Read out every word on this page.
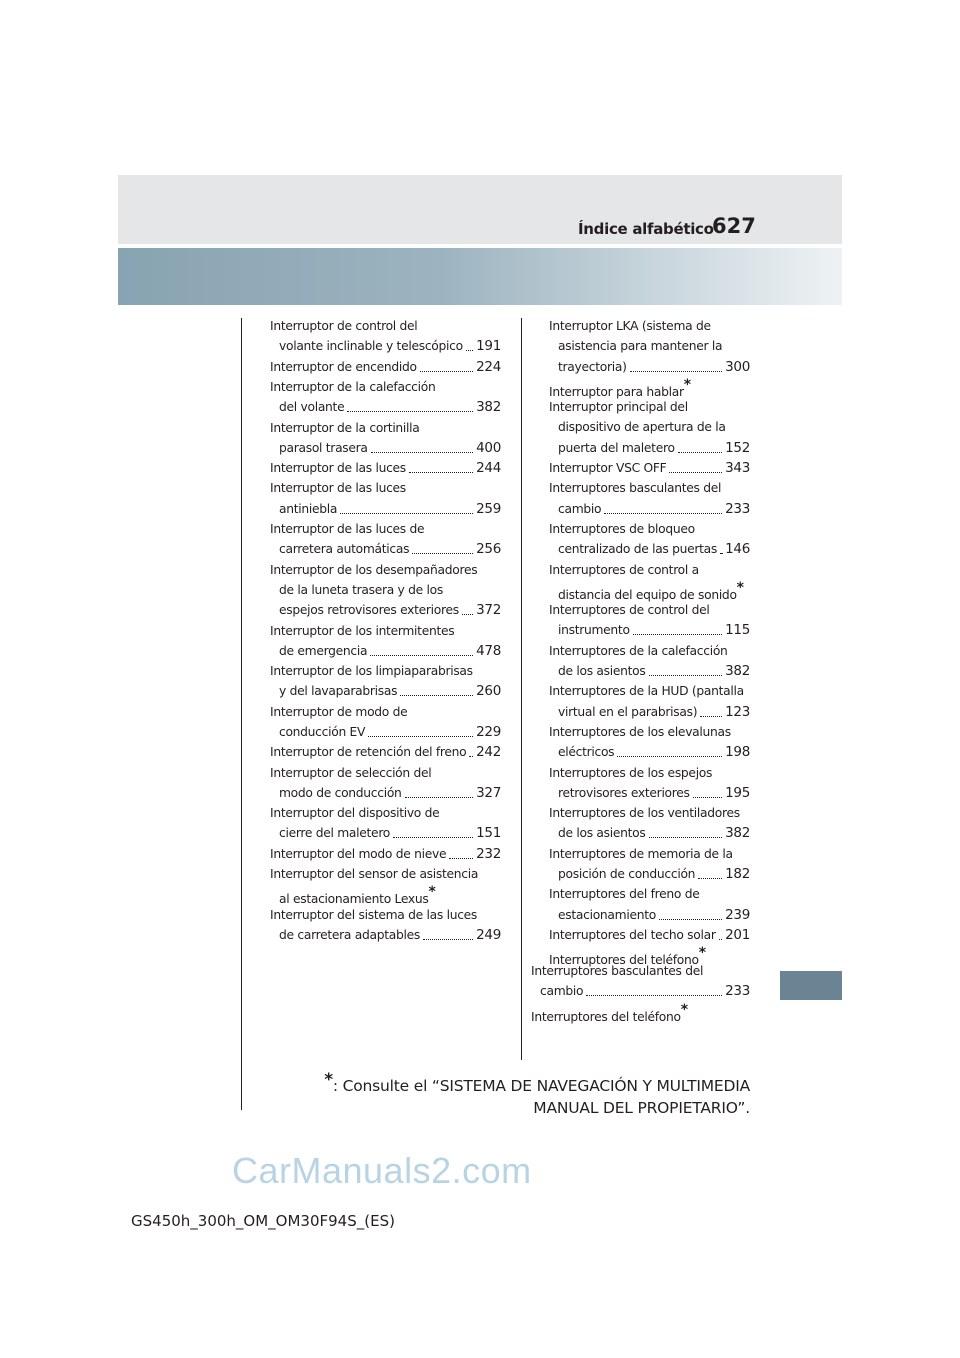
Índice alfabético
627
Interruptor de control del
volante inclinable y telescópico 191
Interruptor de encendido	224
Interruptor de la calefacción
del volante	382
Interruptor de la cortinilla
parasol trasera	400
Interruptor de las luces	244
Interruptor de las luces
antiniebla	259
Interruptor de las luces de
carretera automáticas	256
Interruptor de los desempañadores
de la luneta trasera y de los
espejos retrovisores exteriores 372
Interruptor de los intermitentes
de emergencia	478
Interruptor de los limpiaparabrisas
y del lavaparabrisas	260
Interruptor de modo de
conducción EV	229
Interruptor de retención del freno 242
Interruptor de selección del
modo de conducción	327
Interruptor del dispositivo de
cierre del maletero	151
Interruptor del modo de nieve 232
Interruptor del sensor de asistencia
al estacionamiento Lexus*
Interruptor del sistema de las luces
de carretera adaptables	249
Interruptor LKA (sistema de
asistencia para mantener la
trayectoria)	300
Interruptor para hablar*
Interruptor principal del
dispositivo de apertura de la
puerta del maletero	152
Interruptor VSC OFF	343
Interruptores basculantes del
cambio	233
Interruptores de bloqueo
centralizado de las puertas 146
Interruptores de control a
distancia del equipo de sonido*
Interruptores de control del
instrumento	115
Interruptores de la calefacción
de los asientos	382
Interruptores de la HUD (pantalla
virtual en el parabrisas) 123
Interruptores de los elevalunas
eléctricos	198
Interruptores de los espejos
retrovisores exteriores	195
Interruptores de los ventiladores
de los asientos	382
Interruptores de memoria de la
posición de conducción 182
Interruptores del freno de
estacionamiento	239
Interruptores del techo solar 201
Interruptores del teléfono*
Interruptores basculantes del
cambio	233
Interruptores del teléfono*
*: Consulte el “SISTEMA DE NAVEGACIÓN Y MULTIMEDIA
MANUAL DEL PROPIETARIO”.
CarManuals2.com
GS450h_300h_OM_OM30F94S_(ES)
